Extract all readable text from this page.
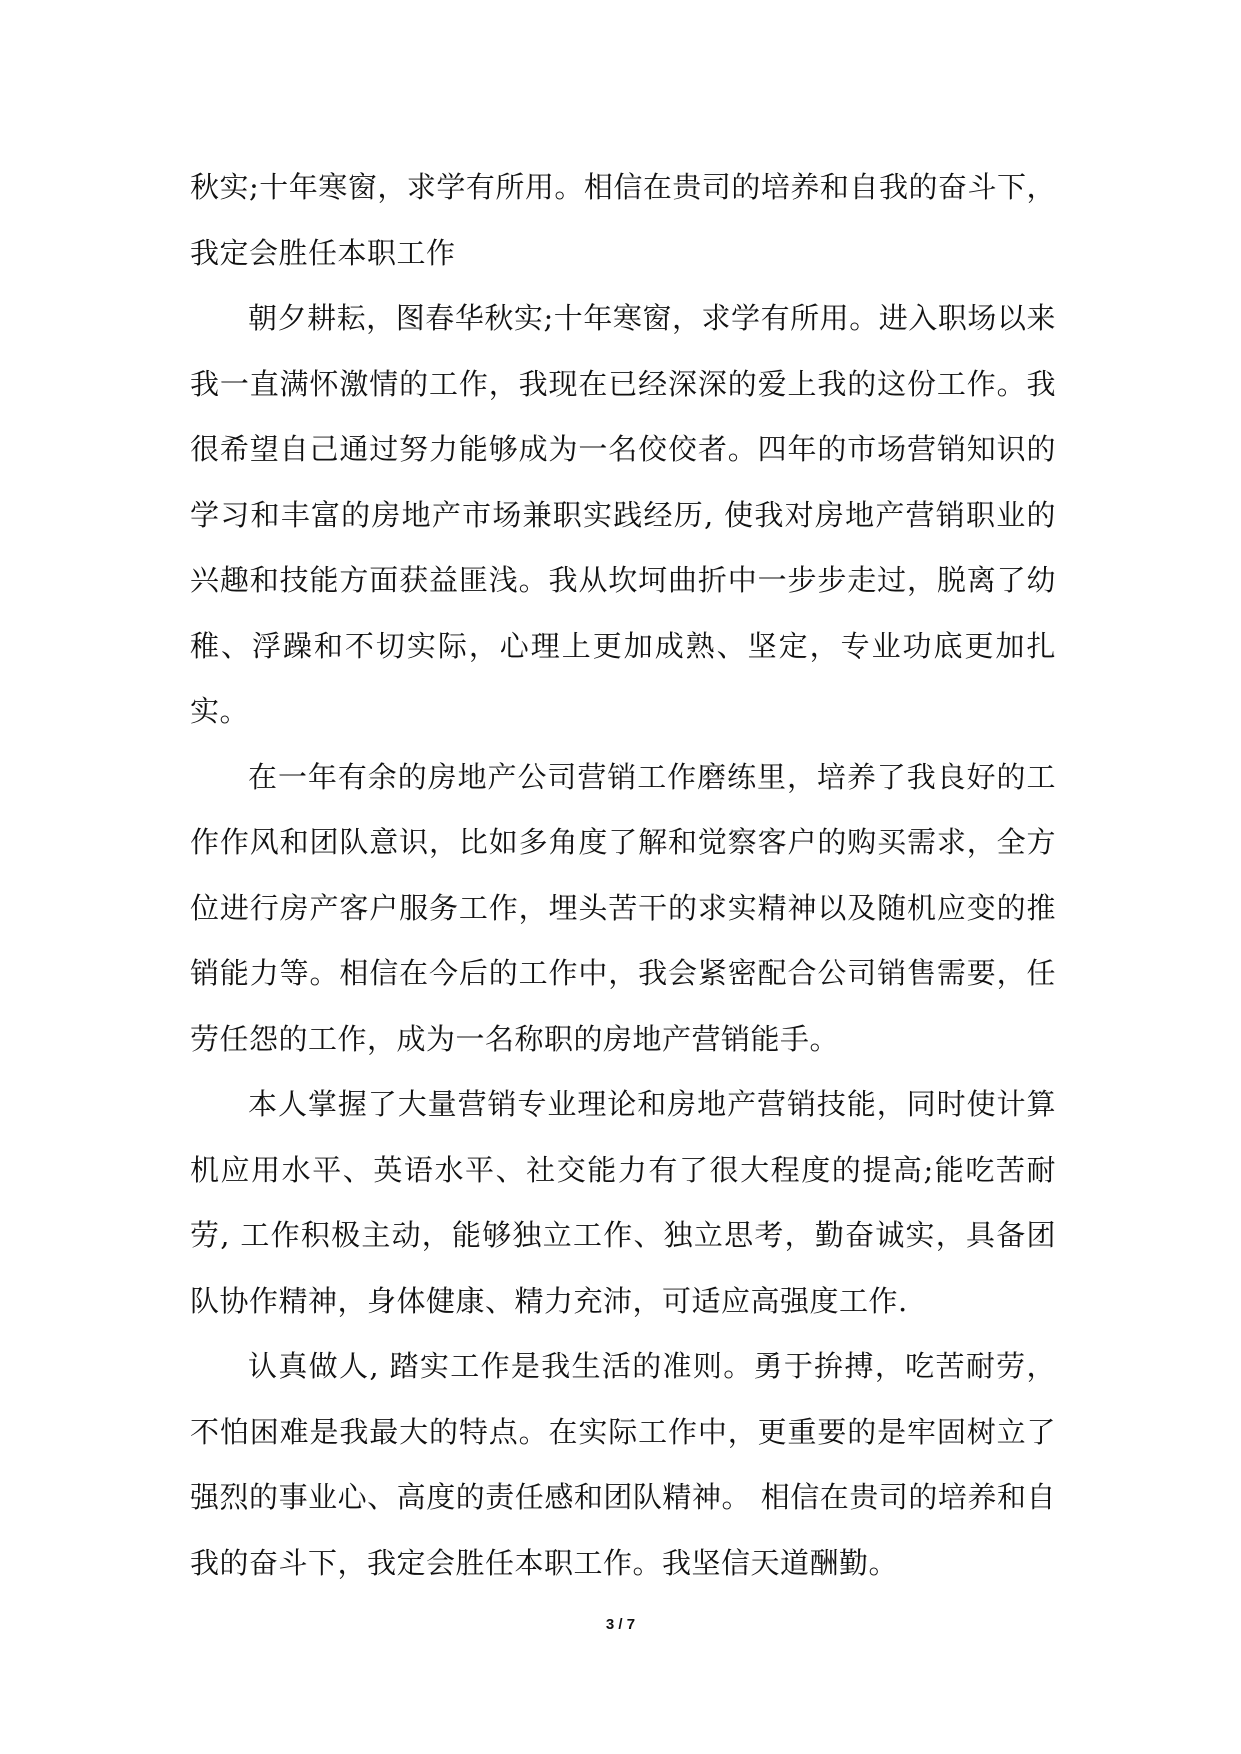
秋实;十年寒窗，求学有所用。相信在贵司的培养和自我的奋斗下，我定会胜任本职工作

朝夕耕耘，图春华秋实;十年寒窗，求学有所用。进入职场以来我一直满怀激情的工作，我现在已经深深的爱上我的这份工作。我很希望自己通过努力能够成为一名佼佼者。四年的市场营销知识的学习和丰富的房地产市场兼职实践经历, 使我对房地产营销职业的兴趣和技能方面获益匪浅。我从坎坷曲折中一步步走过，脱离了幼稚、浮躁和不切实际，心理上更加成熟、坚定，专业功底更加扎实。

在一年有余的房地产公司营销工作磨练里，培养了我良好的工作作风和团队意识，比如多角度了解和觉察客户的购买需求，全方位进行房产客户服务工作，埋头苦干的求实精神以及随机应变的推销能力等。相信在今后的工作中，我会紧密配合公司销售需要，任劳任怨的工作，成为一名称职的房地产营销能手。

本人掌握了大量营销专业理论和房地产营销技能，同时使计算机应用水平、英语水平、社交能力有了很大程度的提高;能吃苦耐劳, 工作积极主动，能够独立工作、独立思考，勤奋诚实，具备团队协作精神，身体健康、精力充沛，可适应高强度工作.

认真做人, 踏实工作是我生活的准则。勇于拚搏，吃苦耐劳，不怕困难是我最大的特点。在实际工作中，更重要的是牢固树立了强烈的事业心、高度的责任感和团队精神。 相信在贵司的培养和自我的奋斗下，我定会胜任本职工作。我坚信天道酬勤。

3 / 7
